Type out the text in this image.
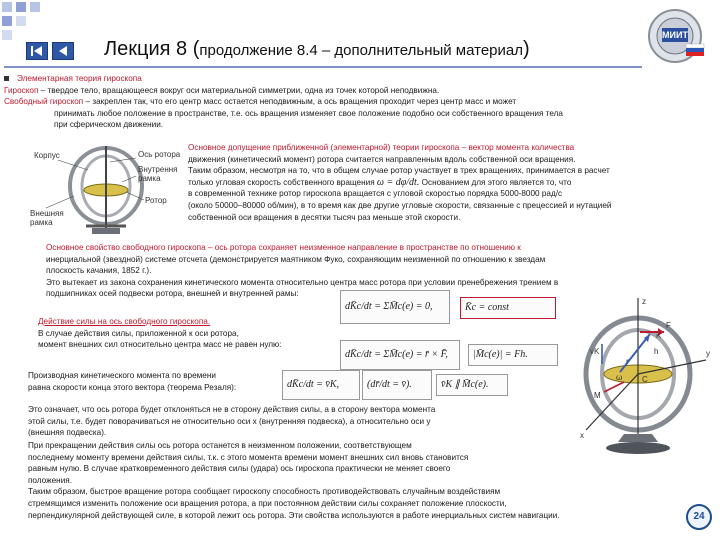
Лекция 8 (продолжение 8.4 – дополнительный материал)
МИИТ
Элементарная теория гироскопа
Гироскоп – твердое тело, вращающееся вокруг оси материальной симметрии, одна из точек которой неподвижна.
Свободный гироскоп – закреплен так, что его центр масс остается неподвижным, а ось вращения проходит через центр масс и может
принимать любое положение в пространстве, т.е. ось вращения изменяет свое положение подобно оси собственного вращения тела
при сферическом движении.
Корпус	Ось ротора
Внутрення
рамка
Ротор
Внешняя
рамка
Основное допущение приближенной (элементарной) теории гироскопа – вектор момента количества
движения (кинетический момент) ротора считается направленным вдоль собственной оси вращения.
Таким образом, несмотря на то, что в общем случае ротор участвует в трех вращениях, принимается в расчет
только угловая скорость собственного вращения ω = dφ/dt. Основанием для этого является то, что
в современной технике ротор гироскопа вращается с угловой скоростью порядка 5000-8000 рад/с
(около 50000–80000 об/мин), в то время как две другие угловые скорости, связанные с прецессией и нутацией
собственной оси вращения в десятки тысяч раз меньше этой скорости.
Основное свойство свободного гироскопа – ось ротора сохраняет неизменное направление в пространстве по отношению к
инерциальной (звездной) системе отсчета (демонстрируется маятником Фуко, сохраняющим неизменной по отношению к звездам
плоскость качания, 1852 г.).
Это вытекает из закона сохранения кинетического момента относительно центра масс ротора при условии пренебрежения трением в
подшипниках осей подвески ротора, внешней и внутренней рамы:
dK̄c/dt = ΣM̄c(e) = 0,	K̄c = const
Действие силы на ось свободного гироскопа.
В случае действия силы, приложенной к оси ротора,
момент внешних сил относительно центра масс не равен нулю:
dK̄c/dt = ΣM̄c(e) = r̄ × F̄,	|M̄c(e)| = Fh.
Производная кинетического момента по времени
равна скорости конца этого вектора (теорема Резаля):	dK̄c/dt = v̄K,	(dr̄/dt = v̄).	v̄K ∥ M̄c(e).
z
y
x
K
F
h
C
ω
r
vK
M
Это означает, что ось ротора будет отклоняться не в сторону действия силы, а в сторону вектора момента
этой силы, т.е. будет поворачиваться не относительно оси x (внутренняя подвеска), а относительно оси y
(внешняя подвеска).
При прекращении действия силы ось ротора останется в неизменном положении, соответствующем
последнему моменту времени действия силы, т.к. с этого момента времени момент внешних сил вновь становится
равным нулю. В случае кратковременного действия силы (удара) ось гироскопа практически не меняет своего
положения.
Таким образом, быстрое вращение ротора сообщает гироскопу способность противодействовать случайным воздействиям
стремящимся изменить положение оси вращения ротора, а при постоянном действии силы сохраняет положение плоскости,
перпендикулярной действующей силе, в которой лежит ось ротора. Эти свойства используются в работе инерциальных систем навигации.	24
